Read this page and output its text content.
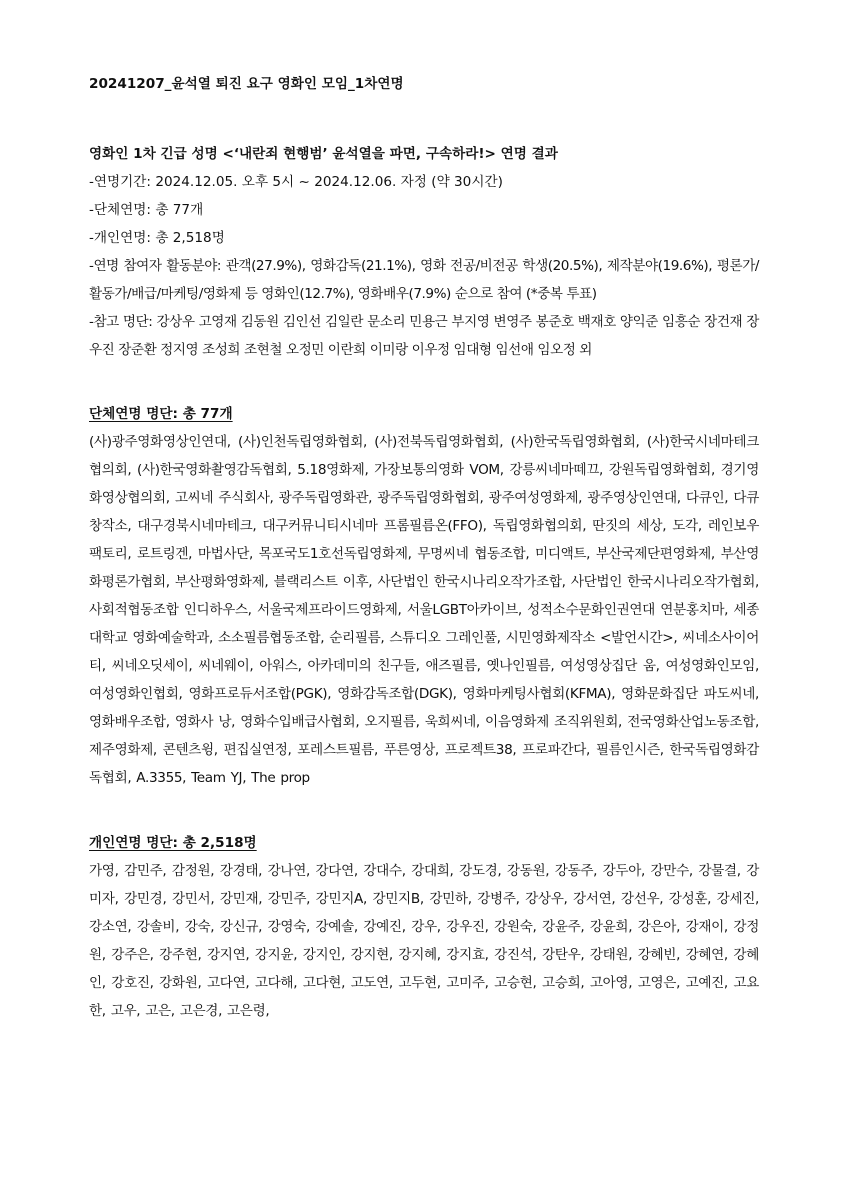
20241207_윤석열 퇴진 요구 영화인 모임_1차연명
영화인 1차 긴급 성명 <‘내란죄 현행범’ 윤석열을 파면, 구속하라!> 연명 결과
-연명기간: 2024.12.05. 오후 5시 ~ 2024.12.06. 자정 (약 30시간)
-단체연명: 총 77개
-개인연명: 총 2,518명
-연명 참여자 활동분야: 관객(27.9%), 영화감독(21.1%), 영화 전공/비전공 학생(20.5%), 제작분야(19.6%), 평론가/활동가/배급/마케팅/영화제 등 영화인(12.7%), 영화배우(7.9%) 순으로 참여 (*중복 투표)
-참고 명단: 강상우 고영재 김동원 김인선 김일란 문소리 민용근 부지영 변영주 봉준호 백재호 양익준 임흥순 장건재 장우진 장준환 정지영 조성희 조현철 오정민 이란희 이미랑 이우정 임대형 임선애 임오정 외
단체연명 명단: 총 77개
(사)광주영화영상인연대, (사)인천독립영화협회, (사)전북독립영화협회, (사)한국독립영화협회, (사)한국시네마테크협의회, (사)한국영화촬영감독협회, 5.18영화제, 가장보통의영화 VOM, 강릉씨네마떼끄, 강원독립영화협회, 경기영화영상협의회, 고씨네 주식회사, 광주독립영화관, 광주독립영화협회, 광주여성영화제, 광주영상인연대, 다큐인, 다큐창작소, 대구경북시네마테크, 대구커뮤니티시네마 프롬필름온(FFO), 독립영화협의회, 딴짓의 세상, 도각, 레인보우팩토리, 로트링겐, 마법사단, 목포국도1호선독립영화제, 무명씨네 협동조합, 미디액트, 부산국제단편영화제, 부산영화평론가협회, 부산평화영화제, 블랙리스트 이후, 사단법인 한국시나리오작가조합, 사단법인 한국시나리오작가협회, 사회적협동조합 인디하우스, 서울국제프라이드영화제, 서울LGBT아카이브, 성적소수문화인권연대 연분홍치마, 세종대학교 영화예술학과, 소소필름협동조합, 순리필름, 스튜디오 그레인풀, 시민영화제작소 <발언시간>, 씨네소사이어티, 씨네오딧세이, 씨네웨이, 아워스, 아카데미의 친구들, 애즈필름, 옛나인필름, 여성영상집단 움, 여성영화인모임, 여성영화인협회, 영화프로듀서조합(PGK), 영화감독조합(DGK), 영화마케팅사협회(KFMA), 영화문화집단 파도씨네, 영화배우조합, 영화사 낭, 영화수입배급사협회, 오지필름, 욱희씨네, 이음영화제 조직위원회, 전국영화산업노동조합, 제주영화제, 콘텐츠윙, 편집실연정, 포레스트필름, 푸른영상, 프로젝트38, 프로파간다, 필름인시즌, 한국독립영화감독협회, A.3355, Team YJ, The prop
개인연명 명단: 총 2,518명
가영, 감민주, 감정원, 강경태, 강나연, 강다연, 강대수, 강대희, 강도경, 강동원, 강동주, 강두아, 강만수, 강물결, 강미자, 강민경, 강민서, 강민재, 강민주, 강민지A, 강민지B, 강민하, 강병주, 강상우, 강서연, 강선우, 강성훈, 강세진, 강소연, 강솔비, 강숙, 강신규, 강영숙, 강예솔, 강예진, 강우, 강우진, 강원숙, 강윤주, 강윤희, 강은아, 강재이, 강정원, 강주은, 강주현, 강지연, 강지윤, 강지인, 강지현, 강지혜, 강지효, 강진석, 강탄우, 강태원, 강혜빈, 강혜연, 강혜인, 강호진, 강화원, 고다연, 고다해, 고다현, 고도연, 고두현, 고미주, 고승현, 고승희, 고아영, 고영은, 고예진, 고요한, 고우, 고은, 고은경, 고은령,
